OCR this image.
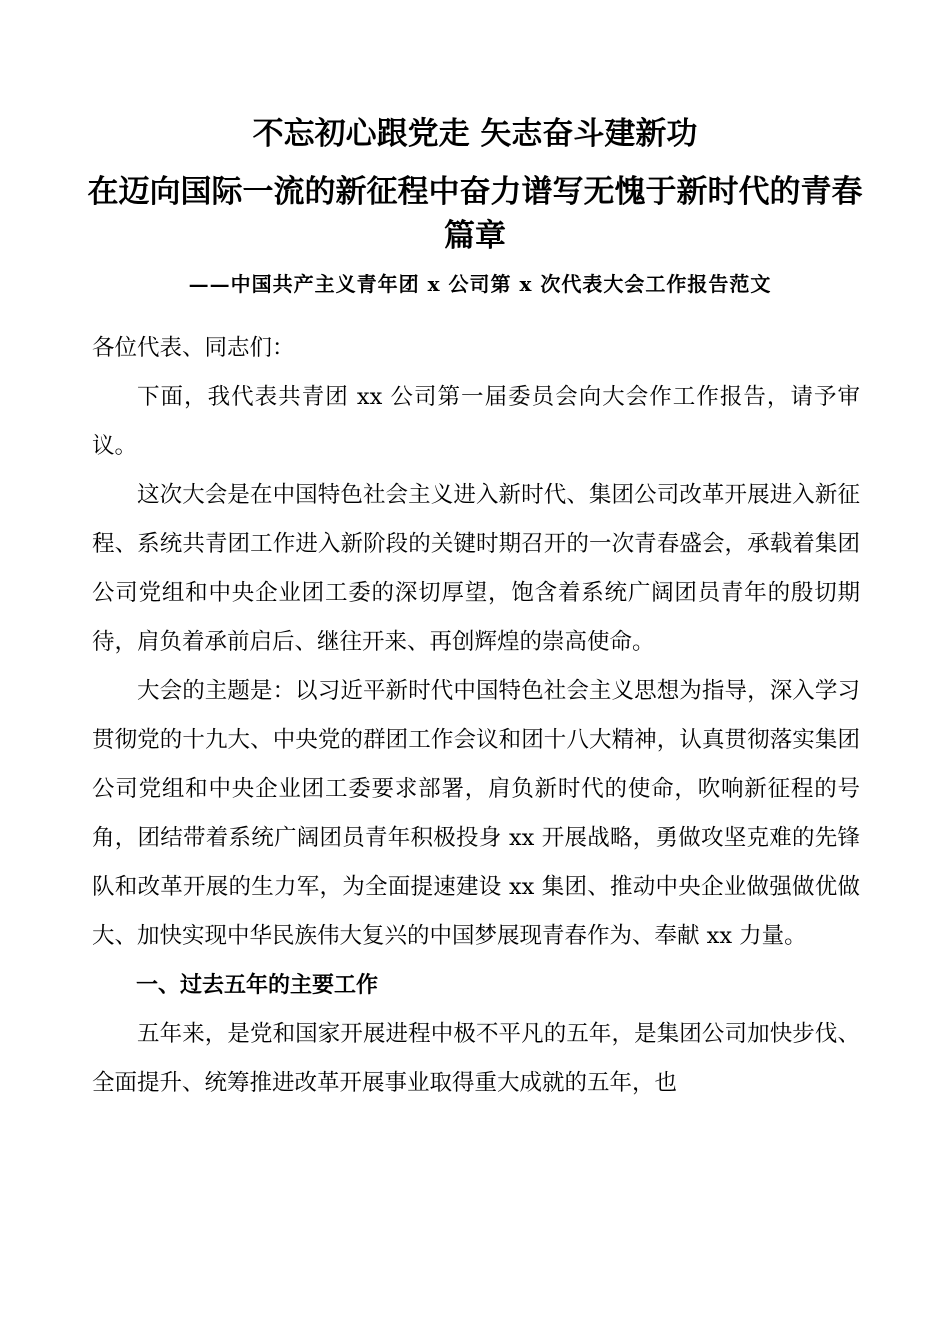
不忘初心跟党走 矢志奋斗建新功
在迈向国际一流的新征程中奋力谱写无愧于新时代的青春篇章
——中国共产主义青年团 x 公司第 x 次代表大会工作报告范文

各位代表、同志们：

下面，我代表共青团 xx 公司第一届委员会向大会作工作报告，请予审议。

这次大会是在中国特色社会主义进入新时代、集团公司改革开展进入新征程、系统共青团工作进入新阶段的关键时期召开的一次青春盛会，承载着集团公司党组和中央企业团工委的深切厚望，饱含着系统广阔团员青年的殷切期待，肩负着承前启后、继往开来、再创辉煌的崇高使命。

大会的主题是：以习近平新时代中国特色社会主义思想为指导，深入学习贯彻党的十九大、中央党的群团工作会议和团十八大精神，认真贯彻落实集团公司党组和中央企业团工委要求部署，肩负新时代的使命，吹响新征程的号角，团结带着系统广阔团员青年积极投身 xx 开展战略，勇做攻坚克难的先锋队和改革开展的生力军，为全面提速建设 xx 集团、推动中央企业做强做优做大、加快实现中华民族伟大复兴的中国梦展现青春作为、奉献 xx 力量。

一、过去五年的主要工作

五年来，是党和国家开展进程中极不平凡的五年，是集团公司加快步伐、全面提升、统筹推进改革开展事业取得重大成就的五年，也
